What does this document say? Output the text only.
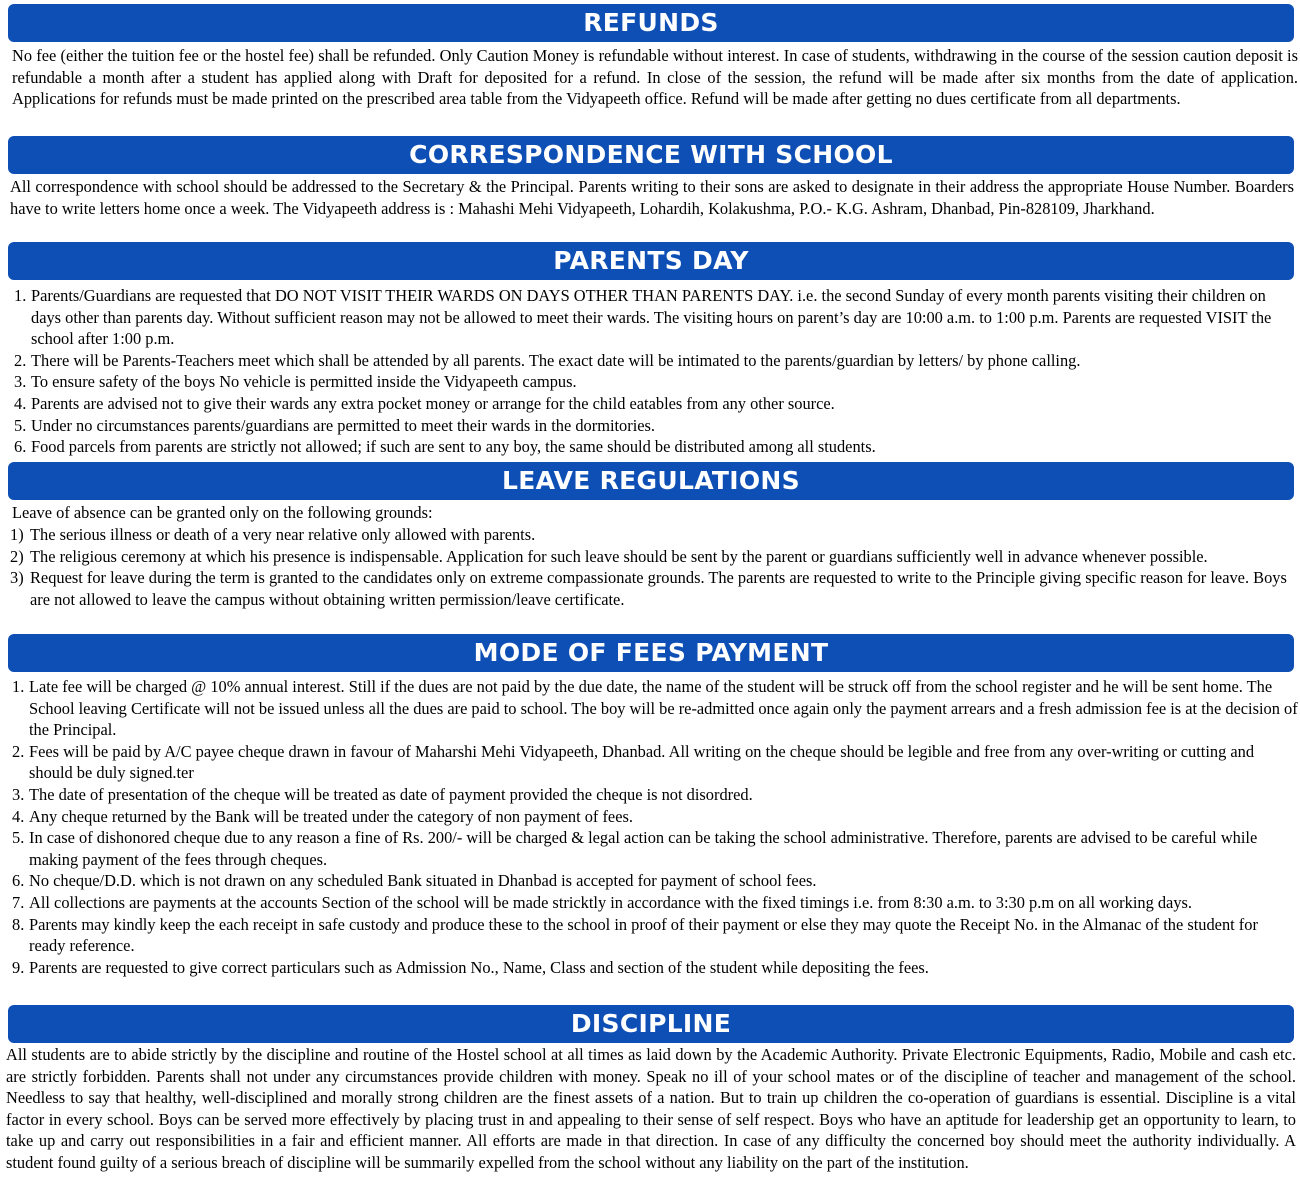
REFUNDS

No fee (either the tuition fee or the hostel fee) shall be refunded. Only Caution Money is refundable without interest. In case of students, withdrawing in the course of the session caution deposit is refundable a month after a student has applied along with Draft for deposited for a refund. In close of the session, the refund will be made after six months from the date of application. Applications for refunds must be made printed on the prescribed area table from the Vidyapeeth office. Refund will be made after getting no dues certificate from all departments.

CORRESPONDENCE WITH SCHOOL

All correspondence with school should be addressed to the Secretary & the Principal. Parents writing to their sons are asked to designate in their address the appropriate House Number. Boarders have to write letters home once a week. The Vidyapeeth address is : Mahashi Mehi Vidyapeeth, Lohardih, Kolakushma, P.O.- K.G. Ashram, Dhanbad, Pin-828109, Jharkhand.

PARENTS DAY
1. Parents/Guardians are requested that DO NOT VISIT THEIR WARDS ON DAYS OTHER THAN PARENTS DAY. i.e. the second Sunday of every month parents visiting their children on days other than parents day. Without sufficient reason may not be allowed to meet their wards. The visiting hours on parent’s day are 10:00 a.m. to 1:00 p.m. Parents are requested VISIT the school after 1:00 p.m.
2. There will be Parents-Teachers meet which shall be attended by all parents. The exact date will be intimated to the parents/guardian by letters/ by phone calling.
3. To ensure safety of the boys No vehicle is permitted inside the Vidyapeeth campus.
4. Parents are advised not to give their wards any extra pocket money or arrange for the child eatables from any other source.
5. Under no circumstances parents/guardians are permitted to meet their wards in the dormitories.
6. Food parcels from parents are strictly not allowed; if such are sent to any boy, the same should be distributed among all students.
LEAVE REGULATIONS

Leave of absence can be granted only on the following grounds:

1) The serious illness or death of a very near relative only allowed with parents.
2) The religious ceremony at which his presence is indispensable. Application for such leave should be sent by the parent or guardians sufficiently well in advance whenever possible.
3) Request for leave during the term is granted to the candidates only on extreme compassionate grounds. The parents are requested to write to the Principle giving specific reason for leave. Boys are not allowed to leave the campus without obtaining written permission/leave certificate.
MODE OF FEES PAYMENT
1. Late fee will be charged @ 10% annual interest. Still if the dues are not paid by the due date, the name of the student will be struck off from the school register and he will be sent home. The School leaving Certificate will not be issued unless all the dues are paid to school. The boy will be re-admitted once again only the payment arrears and a fresh admission fee is at the decision of the Principal.
2. Fees will be paid by A/C payee cheque drawn in favour of Maharshi Mehi Vidyapeeth, Dhanbad. All writing on the cheque should be legible and free from any over-writing or cutting and should be duly signed.ter
3. The date of presentation of the cheque will be treated as date of payment provided the cheque is not disordred.
4. Any cheque returned by the Bank will be treated under the category of non payment of fees.
5. In case of dishonored cheque due to any reason a fine of Rs. 200/- will be charged & legal action can be taking the school administrative. Therefore, parents are advised to be careful while making payment of the fees through cheques.
6. No cheque/D.D. which is not drawn on any scheduled Bank situated in Dhanbad is accepted for payment of school fees.
7. All collections are payments at the accounts Section of the school will be made stricktly in accordance with the fixed timings i.e. from 8:30 a.m. to 3:30 p.m on all working days.
8. Parents may kindly keep the each receipt in safe custody and produce these to the school in proof of their payment or else they may quote the Receipt No. in the Almanac of the student for ready reference.
9. Parents are requested to give correct particulars such as Admission No., Name, Class and section of the student while depositing the fees.
DISCIPLINE

All students are to abide strictly by the discipline and routine of the Hostel school at all times as laid down by the Academic Authority. Private Electronic Equipments, Radio, Mobile and cash etc. are strictly forbidden. Parents shall not under any circumstances provide children with money. Speak no ill of your school mates or of the discipline of teacher and management of the school. Needless to say that healthy, well-disciplined and morally strong children are the finest assets of a nation. But to train up children the co-operation of guardians is essential. Discipline is a vital factor in every school. Boys can be served more effectively by placing trust in and appealing to their sense of self respect. Boys who have an aptitude for leadership get an opportunity to learn, to take up and carry out responsibilities in a fair and efficient manner. All efforts are made in that direction. In case of any difficulty the concerned boy should meet the authority individually. A student found guilty of a serious breach of discipline will be summarily expelled from the school without any liability on the part of the institution.
